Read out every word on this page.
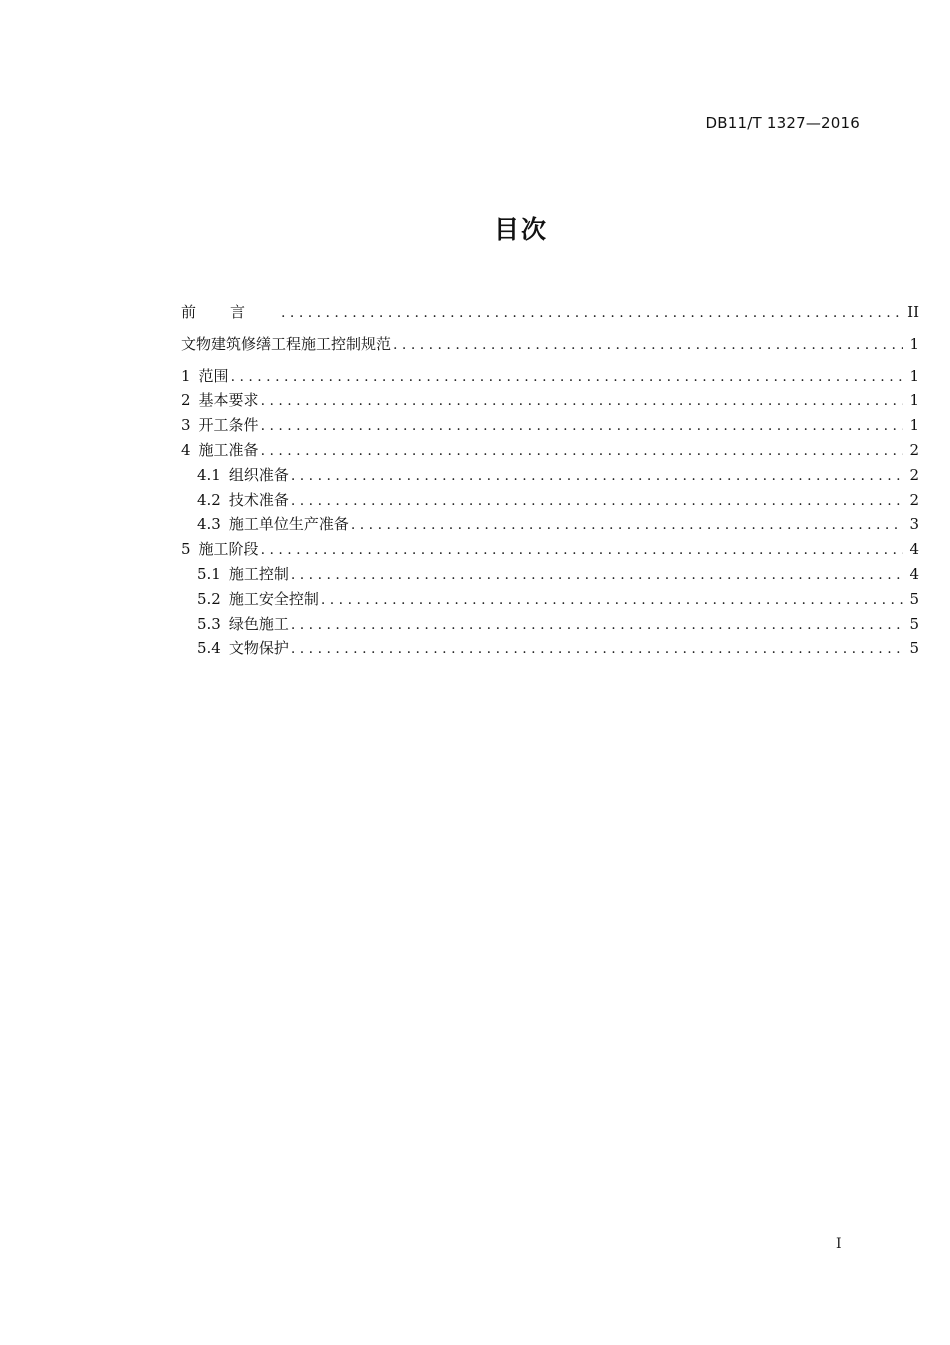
DB11/T 1327—2016
目次
前言 . . .	II
文物建筑修缮工程施工控制规范 . . .	1
1 范围 . . .	1
2 基本要求 . . .	1
3 开工条件 . . .	1
4 施工准备 . . .	2
4.1 组织准备 . . .	2
4.2 技术准备 . . .	2
4.3 施工单位生产准备 . . .	3
5 施工阶段 . . .	4
5.1 施工控制 . . .	4
5.2 施工安全控制 . . .	5
5.3 绿色施工 . . .	5
5.4 文物保护 . . .	5
I
